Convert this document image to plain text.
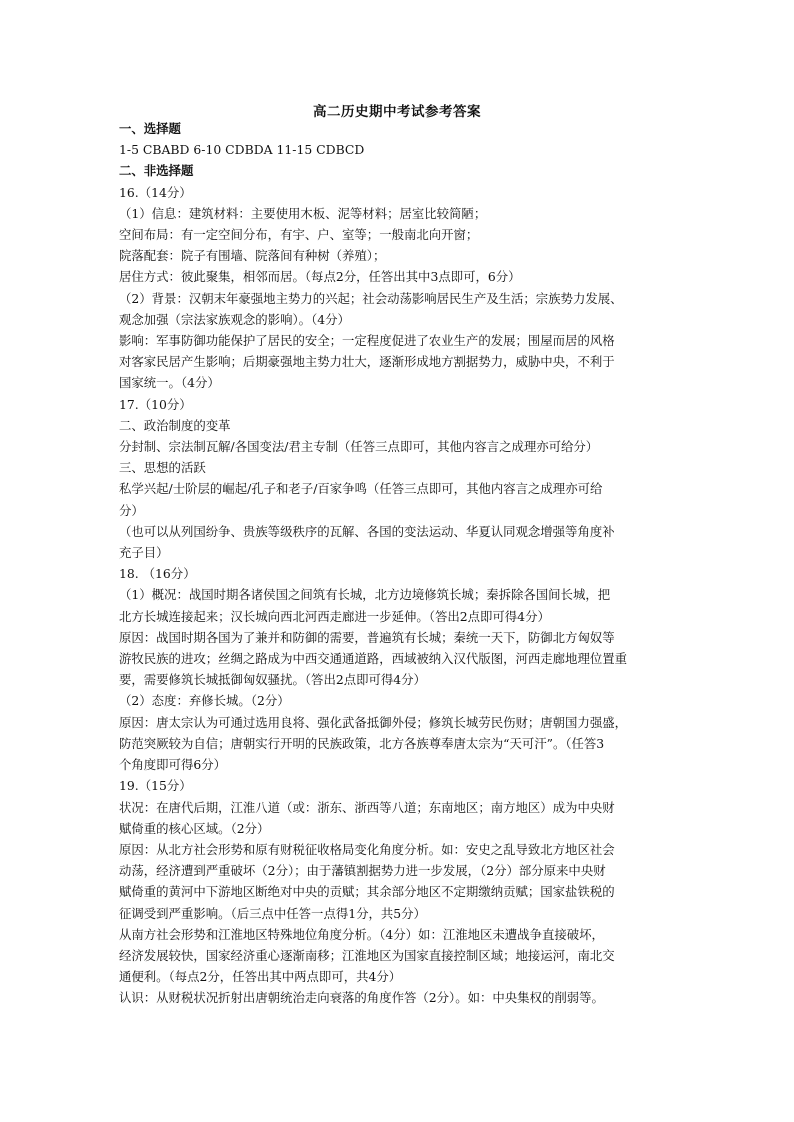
高二历史期中考试参考答案
一、选择题
1-5 CBABD 6-10 CDBDA 11-15 CDBCD
二、非选择题
16.（14分）
（1）信息：建筑材料：主要使用木板、泥等材料；居室比较简陋；
空间布局：有一定空间分布，有宇、户、室等；一般南北向开窗；
院落配套：院子有围墙、院落间有种树（养殖）；
居住方式：彼此聚集，相邻而居。（每点2分，任答出其中3点即可，6分）
（2）背景：汉朝末年豪强地主势力的兴起；社会动荡影响居民生产及生活；宗族势力发展、
观念加强（宗法家族观念的影响）。（4分）
影响：军事防御功能保护了居民的安全；一定程度促进了农业生产的发展；围屋而居的风格
对客家民居产生影响；后期豪强地主势力壮大，逐渐形成地方割据势力，威胁中央，不利于
国家统一。（4分）
17.（10分）
二、政治制度的变革
分封制、宗法制瓦解/各国变法/君主专制（任答三点即可，其他内容言之成理亦可给分）
三、思想的活跃
私学兴起/士阶层的崛起/孔子和老子/百家争鸣（任答三点即可，其他内容言之成理亦可给
分）
（也可以从列国纷争、贵族等级秩序的瓦解、各国的变法运动、华夏认同观念增强等角度补
充子目）
18. （16分）
（1）概况：战国时期各诸侯国之间筑有长城，北方边境修筑长城；秦拆除各国间长城，把
北方长城连接起来；汉长城向西北河西走廊进一步延伸。（答出2点即可得4分）
原因：战国时期各国为了兼并和防御的需要，普遍筑有长城；秦统一天下，防御北方匈奴等
游牧民族的进攻；丝绸之路成为中西交通通道路，西域被纳入汉代版图，河西走廊地理位置重
要，需要修筑长城抵御匈奴骚扰。（答出2点即可得4分）
（2）态度：弃修长城。（2分）
原因：唐太宗认为可通过选用良将、强化武备抵御外侵；修筑长城劳民伤财；唐朝国力强盛，
防范突厥较为自信；唐朝实行开明的民族政策，北方各族尊奉唐太宗为“天可汗”。（任答3
个角度即可得6分）
19.（15分）
状况：在唐代后期，江淮八道（或：浙东、浙西等八道；东南地区；南方地区）成为中央财
赋倚重的核心区域。（2分）
原因：从北方社会形势和原有财税征收格局变化角度分析。如：安史之乱导致北方地区社会
动荡，经济遭到严重破坏（2分）；由于藩镇割据势力进一步发展，（2分）部分原来中央财
赋倚重的黄河中下游地区断绝对中央的贡赋；其余部分地区不定期缴纳贡赋；国家盐铁税的
征调受到严重影响。（后三点中任答一点得1分，共5分）
从南方社会形势和江淮地区特殊地位角度分析。（4分）如：江淮地区未遭战争直接破坏，
经济发展较快，国家经济重心逐渐南移；江淮地区为国家直接控制区域；地接运河，南北交
通便利。（每点2分，任答出其中两点即可，共4分）
认识：从财税状况折射出唐朝统治走向衰落的角度作答（2分）。如：中央集权的削弱等。
